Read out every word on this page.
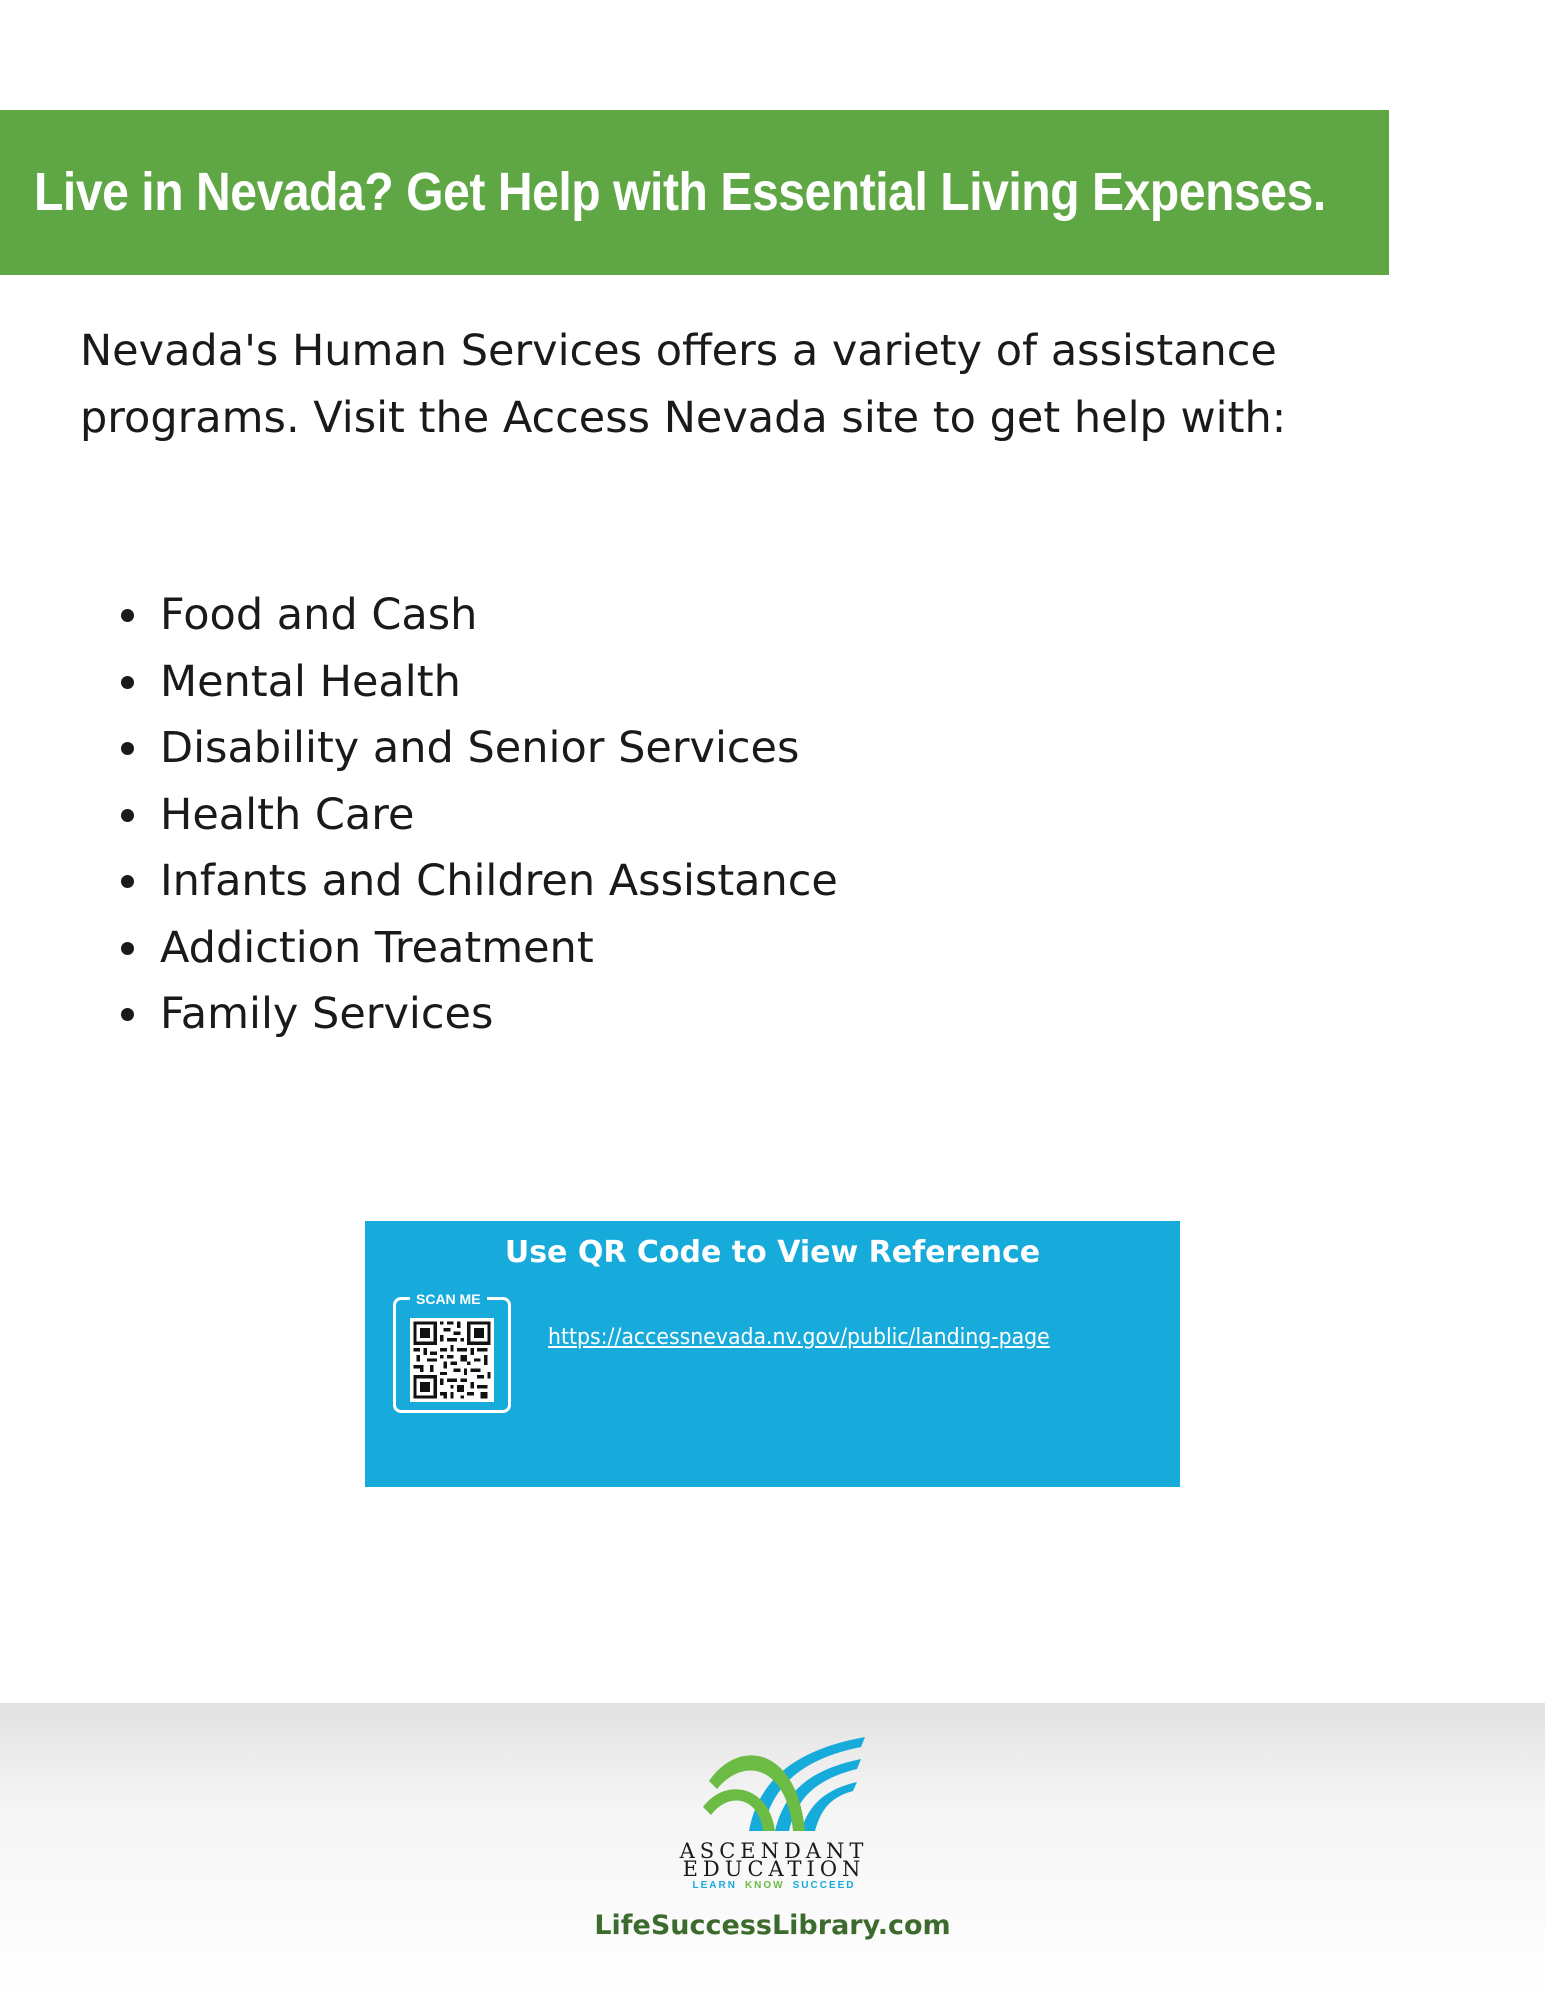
Live in Nevada? Get Help with Essential Living Expenses.

Nevada's Human Services offers a variety of assistance programs. Visit the Access Nevada site to get help with:

Food and Cash
Mental Health
Disability and Senior Services
Health Care
Infants and Children Assistance
Addiction Treatment
Family Services
Use QR Code to View Reference
SCAN ME
https://accessnevada.nv.gov/public/landing-page
ASCENDANT
EDUCATION
LEARN KNOW SUCCEED
LifeSuccessLibrary.com
